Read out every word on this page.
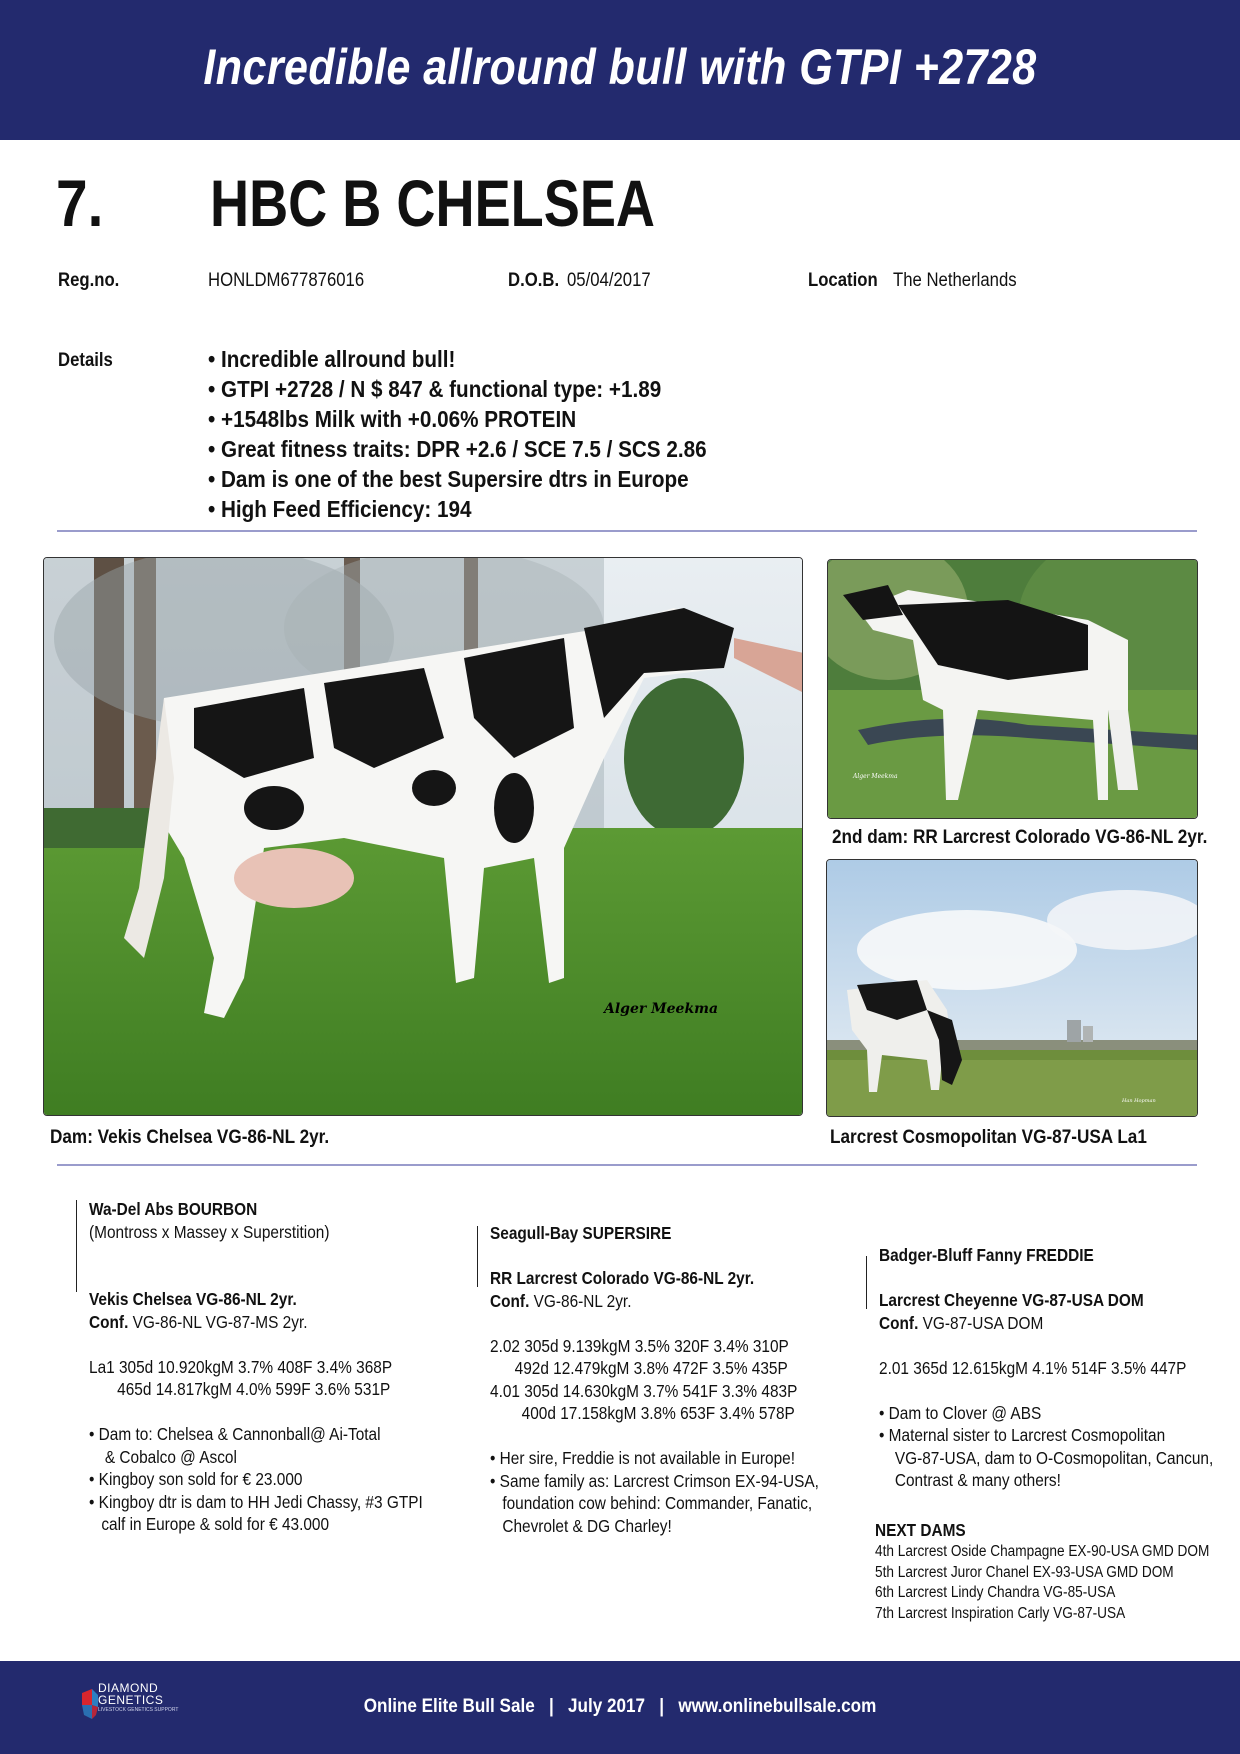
Incredible allround bull with GTPI +2728
7. HBC B CHELSEA
Reg.no.	HONLDM677876016	D.O.B. 05/04/2017	Location The Netherlands
Details
•	Incredible allround bull!
• GTPI +2728 / N $ 847 & functional type: +1.89
• +1548lbs Milk with +0.06% PROTEIN
• Great fitness traits: DPR +2.6 / SCE 7.5 / SCS 2.86
• Dam is one of the best Supersire dtrs in Europe
• High Feed Efficiency: 194
Alger Meekma
Dam: Vekis Chelsea VG-86-NL 2yr.
Alger Meekma
2nd dam: RR Larcrest Colorado VG-86-NL 2yr.
Han Hopman
Larcrest Cosmopolitan VG-87-USA La1
Wa-Del Abs BOURBON
(Montross x Massey x Superstition)
Vekis Chelsea VG-86-NL 2yr.
Conf. VG-86-NL VG-87-MS 2yr.
La1 305d 10.920kgM 3.7% 408F 3.4% 368P
465d 14.817kgM 4.0% 599F 3.6% 531P
• Dam to: Chelsea & Cannonball@ Ai-Total
& Cobalco @ Ascol
• Kingboy son sold for € 23.000
• Kingboy dtr is dam to HH Jedi Chassy, #3 GTPI
calf in Europe & sold for € 43.000
Seagull-Bay SUPERSIRE
RR Larcrest Colorado VG-86-NL 2yr.
Conf. VG-86-NL 2yr.
2.02 305d 9.139kgM 3.5% 320F 3.4% 310P
492d 12.479kgM 3.8% 472F 3.5% 435P
4.01 305d 14.630kgM 3.7% 541F 3.3% 483P
400d 17.158kgM 3.8% 653F 3.4% 578P
• Her sire, Freddie is not available in Europe!
• Same family as: Larcrest Crimson EX-94-USA,
foundation cow behind: Commander, Fanatic,
Chevrolet & DG Charley!
Badger-Bluff Fanny FREDDIE
Larcrest Cheyenne VG-87-USA DOM
Conf. VG-87-USA DOM
2.01 365d 12.615kgM 4.1% 514F 3.5% 447P
• Dam to Clover @ ABS
• Maternal sister to Larcrest Cosmopolitan
VG-87-USA, dam to O-Cosmopolitan, Cancun,
Contrast & many others!
NEXT DAMS
4th Larcrest Oside Champagne EX-90-USA GMD DOM
5th Larcrest Juror Chanel EX-93-USA GMD DOM
6th Larcrest Lindy Chandra VG-85-USA
7th Larcrest Inspiration Carly VG-87-USA
DIAMOND
GENETICS
LIVESTOCK GENETICS SUPPORT	Online Elite Bull Sale   |   July 2017   |   www.onlinebullsale.com
